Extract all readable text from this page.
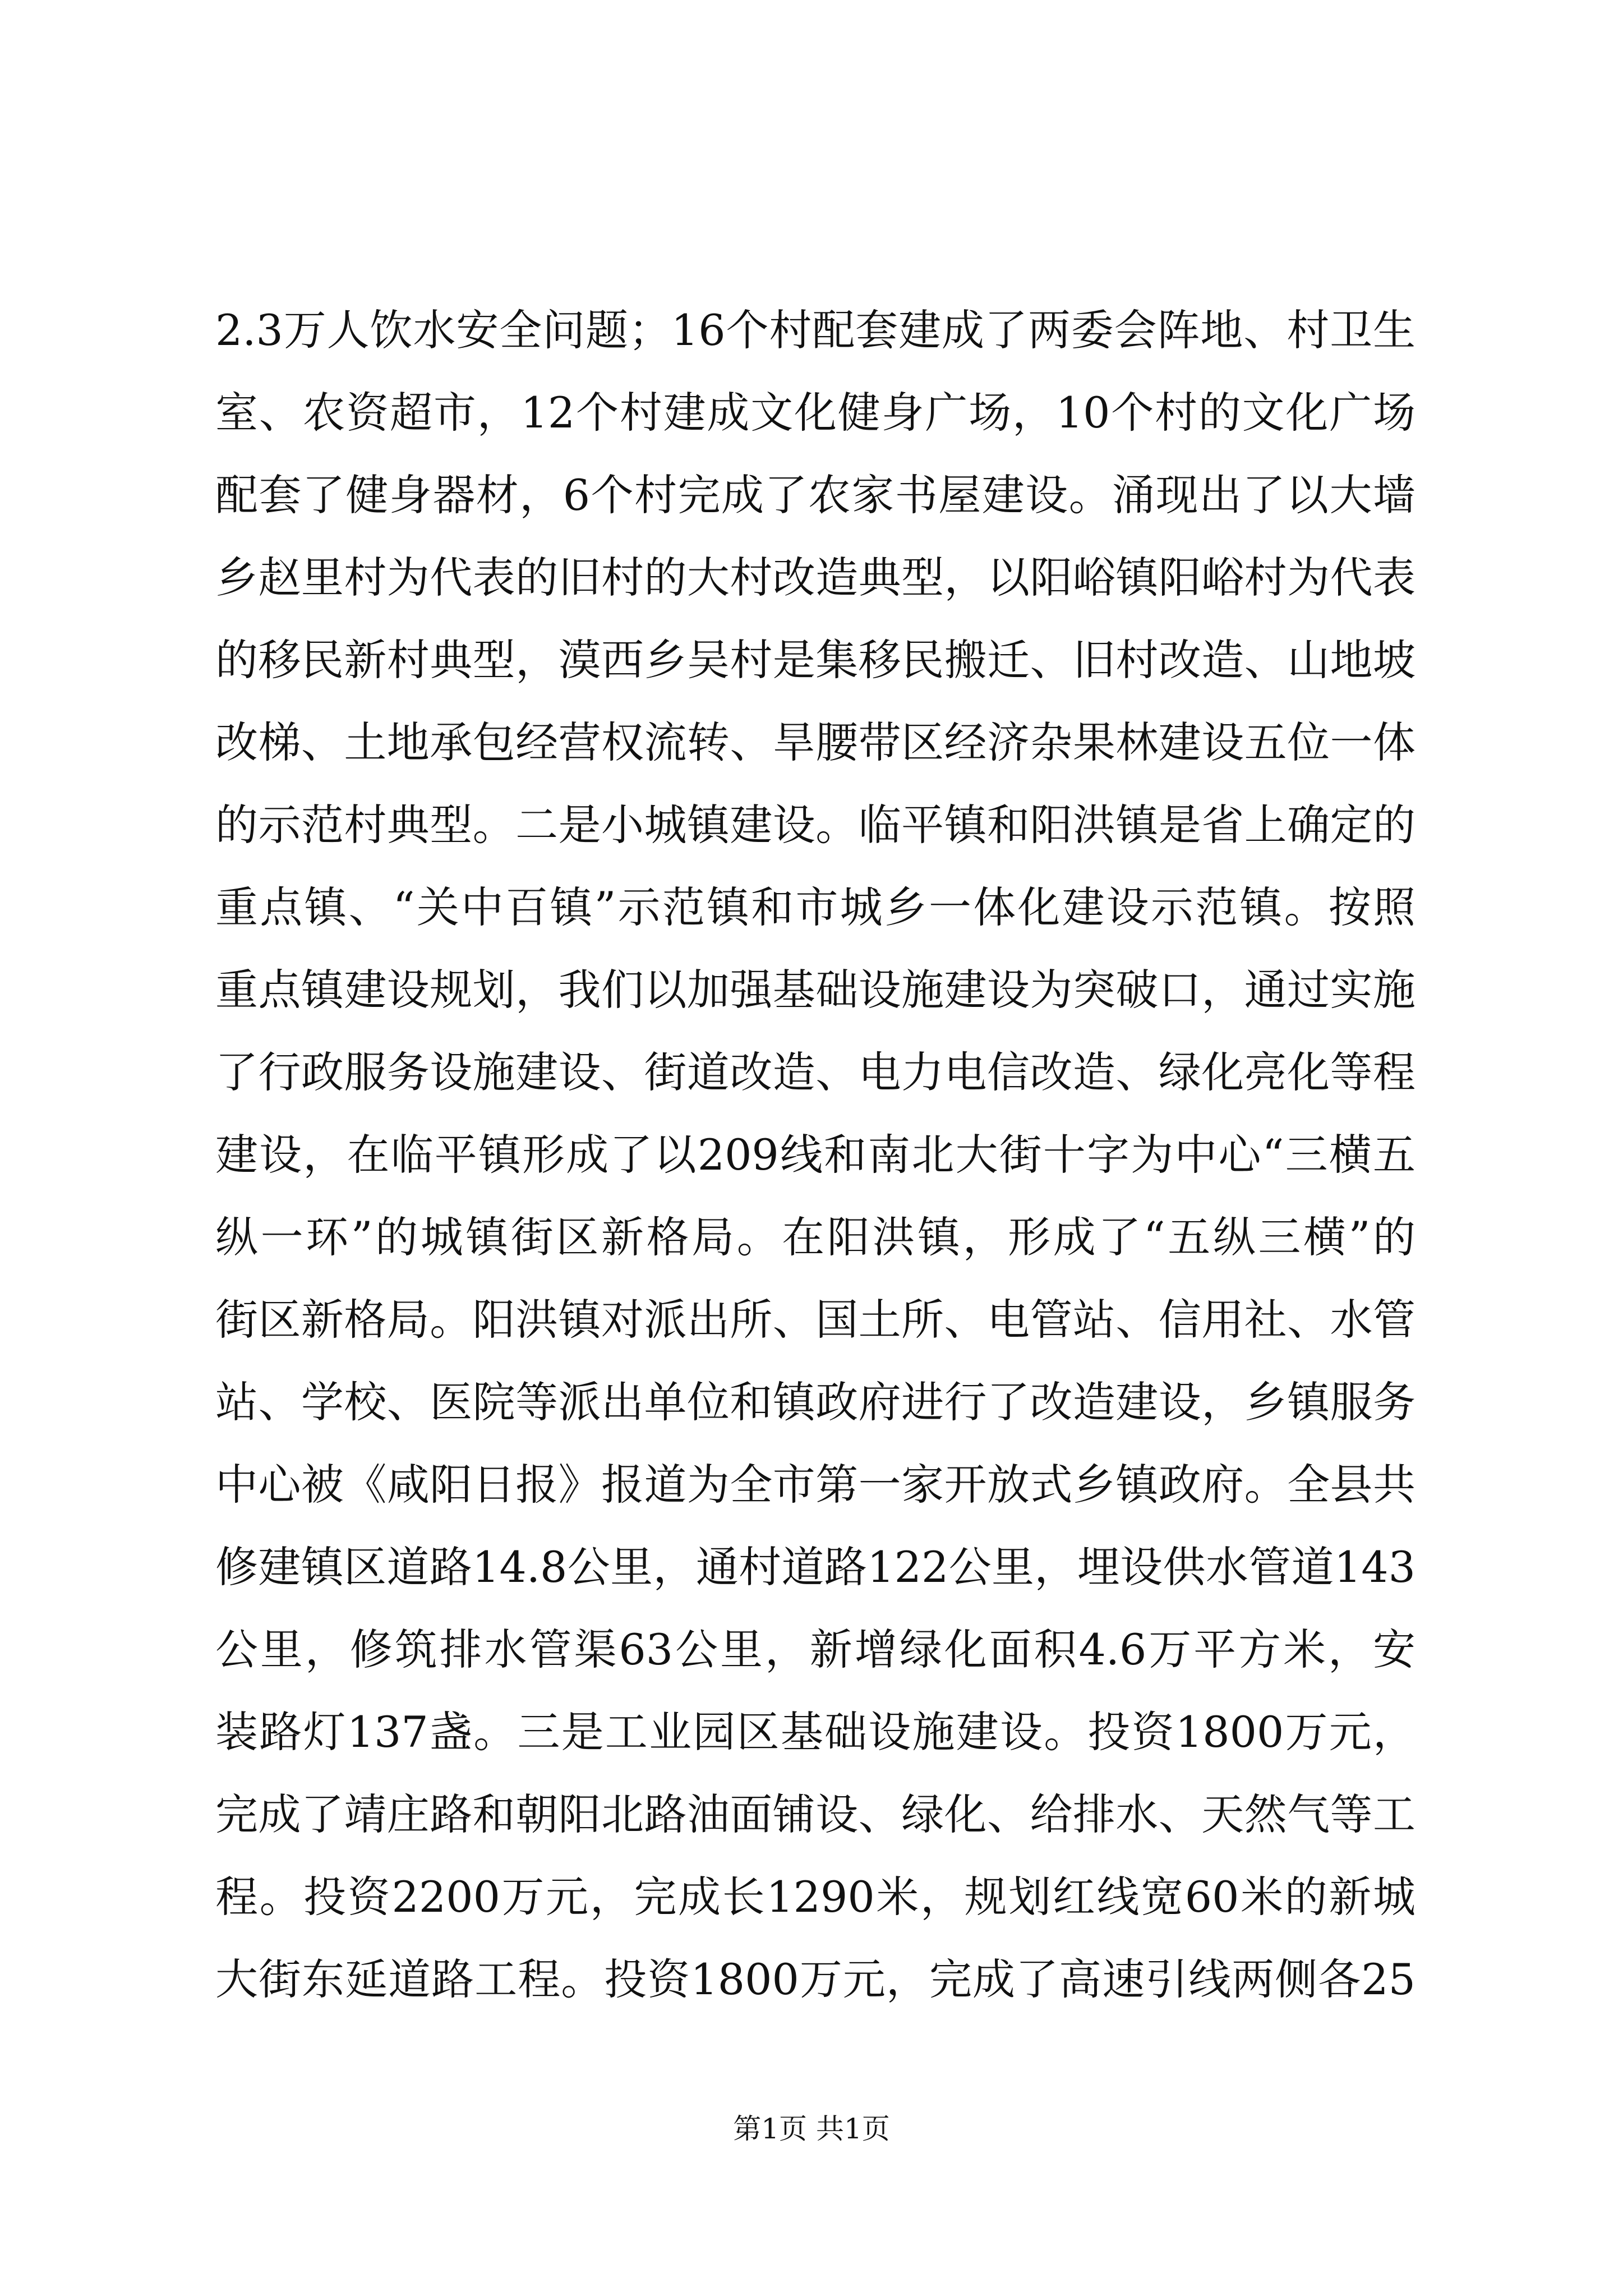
2.3万人饮水安全问题；16个村配套建成了两委会阵地、村卫生
室、农资超市，12个村建成文化健身广场，10个村的文化广场
配套了健身器材，6个村完成了农家书屋建设。涌现出了以大墙
乡赵里村为代表的旧村的大村改造典型，以阳峪镇阳峪村为代表
的移民新村典型，漠西乡吴村是集移民搬迁、旧村改造、山地坡
改梯、土地承包经营权流转、旱腰带区经济杂果林建设五位一体
的示范村典型。二是小城镇建设。临平镇和阳洪镇是省上确定的
重点镇、“关中百镇”示范镇和市城乡一体化建设示范镇。按照
重点镇建设规划，我们以加强基础设施建设为突破口，通过实施
了行政服务设施建设、街道改造、电力电信改造、绿化亮化等程
建设，在临平镇形成了以209线和南北大街十字为中心“三横五
纵一环”的城镇街区新格局。在阳洪镇，形成了“五纵三横”的
街区新格局。阳洪镇对派出所、国土所、电管站、信用社、水管
站、学校、医院等派出单位和镇政府进行了改造建设，乡镇服务
中心被《咸阳日报》报道为全市第一家开放式乡镇政府。全县共
修建镇区道路14.8公里，通村道路122公里，埋设供水管道143
公里，修筑排水管渠63公里，新增绿化面积4.6万平方米，安
装路灯137盏。三是工业园区基础设施建设。投资1800万元，
完成了靖庄路和朝阳北路油面铺设、绿化、给排水、天然气等工
程。投资2200万元，完成长1290米，规划红线宽60米的新城
大街东延道路工程。投资1800万元，完成了高速引线两侧各25
第1页 共1页
